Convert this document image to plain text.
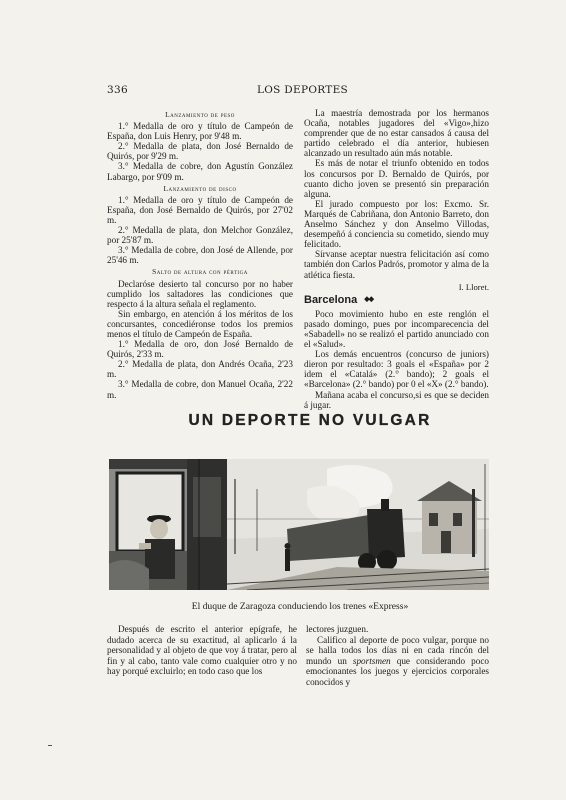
336	LOS DEPORTES
Lanzamiento de peso

1.° Medalla de oro y título de Campeón de España, don Luis Henry, por 9'48 m.

2.° Medalla de plata, don José Bernaldo de Quirós, por 9'29 m.

3.° Medalla de cobre, don Agustín González Labargo, por 9'09 m.

Lanzamiento de disco

1.° Medalla de oro y título de Campeón de España, don José Bernaldo de Quirós, por 27'02 m.

2.° Medalla de plata, don Melchor González, por 25'87 m.

3.° Medalla de cobre, don José de Allende, por 25'46 m.

Salto de altura con pértiga

Declaróse desierto tal concurso por no haber cumplido los saltadores las condiciones que respecto á la altura señala el reglamento.

Sin embargo, en atención á los méritos de los concursantes, concediéronse todos los premios menos el título de Campeón de España.

1.° Medalla de oro, don José Bernaldo de Quirós, 2'33 m.

2.° Medalla de plata, don Andrés Ocaña, 2'23 m.

3.° Medalla de cobre, don Manuel Ocaña, 2'22 m.

La maestría demostrada por los hermanos Ocaña, notables jugadores del «Vigo»,hizo comprender que de no estar cansados á causa del partido celebrado el día anterior, hubiesen alcanzado un resultado aún más notable.

Es más de notar el triunfo obtenido en todos los concursos por D. Bernaldo de Quirós, por cuanto dicho joven se presentó sin preparación alguna.

El jurado compuesto por los: Excmo. Sr. Marqués de Cabriñana, don Antonio Barreto, don Anselmo Sánchez y don Anselmo Villodas, desempeñó á conciencia su cometido, siendo muy felicitado.

Sírvanse aceptar nuestra felicitación así como también don Carlos Padrós, promotor y alma de la atlética fiesta.

I. Lloret.
Barcelona ◆◆

Poco movimiento hubo en este renglón el pasado domingo, pues por incomparecencia del «Sabadell» no se realizó el partido anunciado con el «Salud».

Los demás encuentros (concurso de juniors) dieron por resultado: 3 goals el «España» por 2 idem el «Catalá» (2.° bando); 2 goals el «Barcelona» (2.° bando) por 0 el «X» (2.° bando).

Mañana acaba el concurso,si es que se deciden á jugar.

UN DEPORTE NO VULGAR
El duque de Zaragoza conduciendo los trenes «Express»

Después de escrito el anterior epígrafe, he dudado acerca de su exactitud, al aplicarlo á la personalidad y al objeto de que voy á tratar, pero al fin y al cabo, tanto vale como cualquier otro y no hay porqué excluirlo; en todo caso que los

lectores juzguen.

Califico al deporte de poco vulgar, porque no se halla todos los días ni en cada rincón del mundo un sportsmen que considerando poco emocionantes los juegos y ejercicios corporales conocidos y
